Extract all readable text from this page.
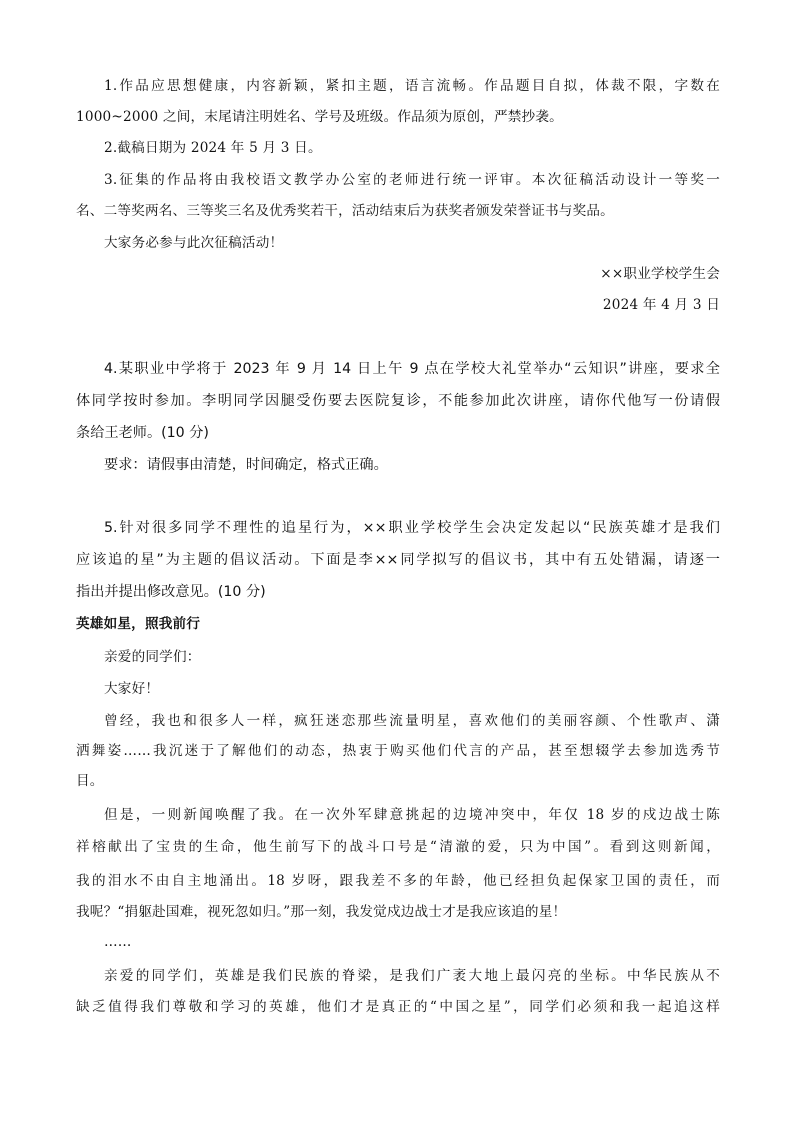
1.作品应思想健康，内容新颖，紧扣主题，语言流畅。作品题目自拟，体裁不限，字数在
1000~2000 之间，末尾请注明姓名、学号及班级。作品须为原创，严禁抄袭。
2.截稿日期为 2024 年 5 月 3 日。
3.征集的作品将由我校语文教学办公室的老师进行统一评审。本次征稿活动设计一等奖一
名、二等奖两名、三等奖三名及优秀奖若干，活动结束后为获奖者颁发荣誉证书与奖品。
大家务必参与此次征稿活动！
××职业学校学生会
2024 年 4 月 3 日
4.某职业中学将于 2023 年 9 月 14 日上午 9 点在学校大礼堂举办“云知识”讲座，要求全
体同学按时参加。李明同学因腿受伤要去医院复诊，不能参加此次讲座，请你代他写一份请假
条给王老师。(10 分)
要求：请假事由清楚，时间确定，格式正确。
5.针对很多同学不理性的追星行为，××职业学校学生会决定发起以“民族英雄才是我们
应该追的星”为主题的倡议活动。下面是李××同学拟写的倡议书，其中有五处错漏，请逐一
指出并提出修改意见。(10 分)
英雄如星，照我前行
亲爱的同学们：
大家好！
曾经，我也和很多人一样，疯狂迷恋那些流量明星，喜欢他们的美丽容颜、个性歌声、潇
洒舞姿……我沉迷于了解他们的动态，热衷于购买他们代言的产品，甚至想辍学去参加选秀节
目。
但是，一则新闻唤醒了我。在一次外军肆意挑起的边境冲突中，年仅 18 岁的戍边战士陈
祥榕献出了宝贵的生命，他生前写下的战斗口号是“清澈的爱，只为中国”。看到这则新闻，
我的泪水不由自主地涌出。18 岁呀，跟我差不多的年龄，他已经担负起保家卫国的责任，而
我呢？“捐躯赴国难，视死忽如归。”那一刻，我发觉戍边战士才是我应该追的星！
……
亲爱的同学们，英雄是我们民族的脊梁，是我们广袤大地上最闪亮的坐标。中华民族从不
缺乏值得我们尊敬和学习的英雄，他们才是真正的“中国之星”，同学们必须和我一起追这样
